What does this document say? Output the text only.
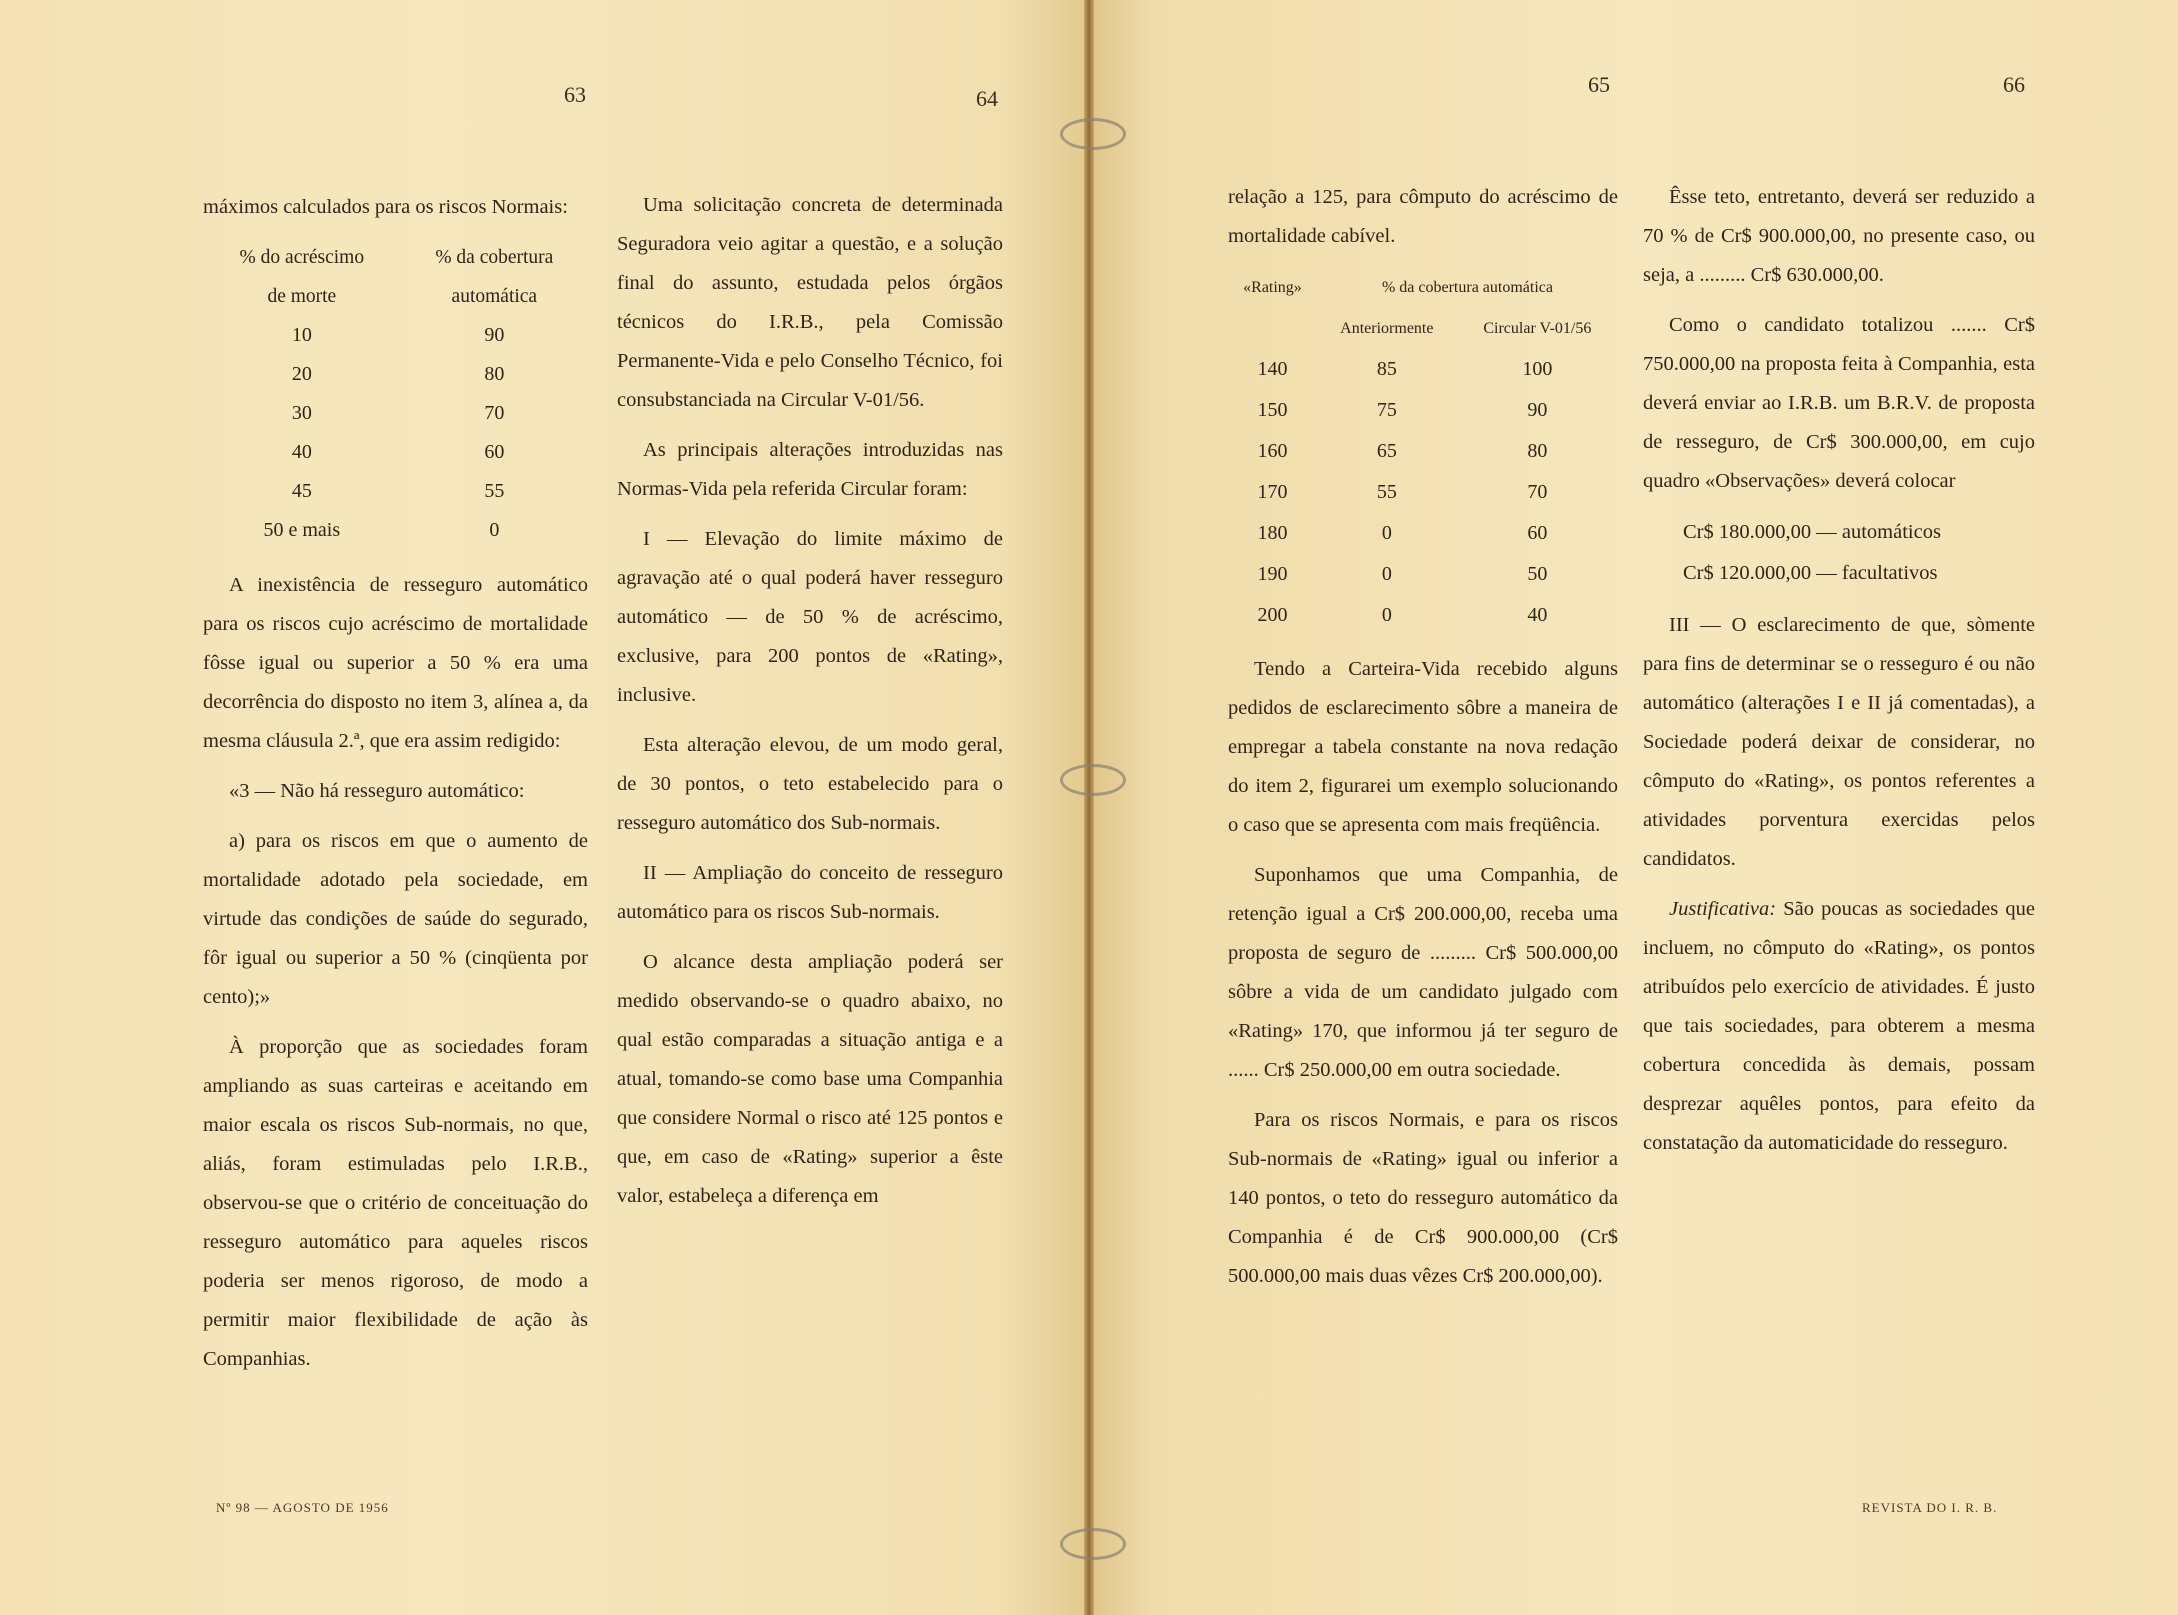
63	64
65	66

máximos calculados para os riscos Normais:

% do acréscimo	% da cobertura
de morte	automática
10	90
20	80
30	70
40	60
45	55
50 e mais	0

A inexistência de resseguro automático para os riscos cujo acréscimo de mortalidade fôsse igual ou superior a 50 % era uma decorrência do disposto no item 3, alínea a, da mesma cláusula 2.ª, que era assim redigido:

«3 — Não há resseguro automático:

a) para os riscos em que o aumento de mortalidade adotado pela sociedade, em virtude das condições de saúde do segurado, fôr igual ou superior a 50 % (cinqüenta por cento);»

À proporção que as sociedades foram ampliando as suas carteiras e aceitando em maior escala os riscos Sub-normais, no que, aliás, foram estimuladas pelo I.R.B., observou-se que o critério de conceituação do resseguro automático para aqueles riscos poderia ser menos rigoroso, de modo a permitir maior flexibilidade de ação às Companhias.

Uma solicitação concreta de determinada Seguradora veio agitar a questão, e a solução final do assunto, estudada pelos órgãos técnicos do I.R.B., pela Comissão Permanente-Vida e pelo Conselho Técnico, foi consubstanciada na Circular V-01/56.

As principais alterações introduzidas nas Normas-Vida pela referida Circular foram:

I — Elevação do limite máximo de agravação até o qual poderá haver resseguro automático — de 50 % de acréscimo, exclusive, para 200 pontos de «Rating», inclusive.

Esta alteração elevou, de um modo geral, de 30 pontos, o teto estabelecido para o resseguro automático dos Sub-normais.

II — Ampliação do conceito de resseguro automático para os riscos Sub-normais.

O alcance desta ampliação poderá ser medido observando-se o quadro abaixo, no qual estão comparadas a situação antiga e a atual, tomando-se como base uma Companhia que considere Normal o risco até 125 pontos e que, em caso de «Rating» superior a êste valor, estabeleça a diferença em

relação a 125, para cômputo do acréscimo de mortalidade cabível.

«Rating»	% da cobertura automática	
	Anteriormente	Circular V-01/56
140	85	100
150	75	90
160	65	80
170	55	70
180	0	60
190	0	50
200	0	40

Tendo a Carteira-Vida recebido alguns pedidos de esclarecimento sôbre a maneira de empregar a tabela constante na nova redação do item 2, figurarei um exemplo solucionando o caso que se apresenta com mais freqüência.

Suponhamos que uma Companhia, de retenção igual a Cr$ 200.000,00, receba uma proposta de seguro de ......... Cr$ 500.000,00 sôbre a vida de um candidato julgado com «Rating» 170, que informou já ter seguro de ...... Cr$ 250.000,00 em outra sociedade.

Para os riscos Normais, e para os riscos Sub-normais de «Rating» igual ou inferior a 140 pontos, o teto do resseguro automático da Companhia é de Cr$ 900.000,00 (Cr$ 500.000,00 mais duas vêzes Cr$ 200.000,00).

Êsse teto, entretanto, deverá ser reduzido a 70 % de Cr$ 900.000,00, no presente caso, ou seja, a ......... Cr$ 630.000,00.

Como o candidato totalizou ....... Cr$ 750.000,00 na proposta feita à Companhia, esta deverá enviar ao I.R.B. um B.R.V. de proposta de resseguro, de Cr$ 300.000,00, em cujo quadro «Observações» deverá colocar

Cr$ 180.000,00 — automáticos
Cr$ 120.000,00 — facultativos

III — O esclarecimento de que, sòmente para fins de determinar se o resseguro é ou não automático (alterações I e II já comentadas), a Sociedade poderá deixar de considerar, no cômputo do «Rating», os pontos referentes a atividades porventura exercidas pelos candidatos.

Justificativa: São poucas as sociedades que incluem, no cômputo do «Rating», os pontos atribuídos pelo exercício de atividades. É justo que tais sociedades, para obterem a mesma cobertura concedida às demais, possam desprezar aquêles pontos, para efeito da constatação da automaticidade do resseguro.

Nº 98 — AGOSTO DE 1956	REVISTA DO I. R. B.
